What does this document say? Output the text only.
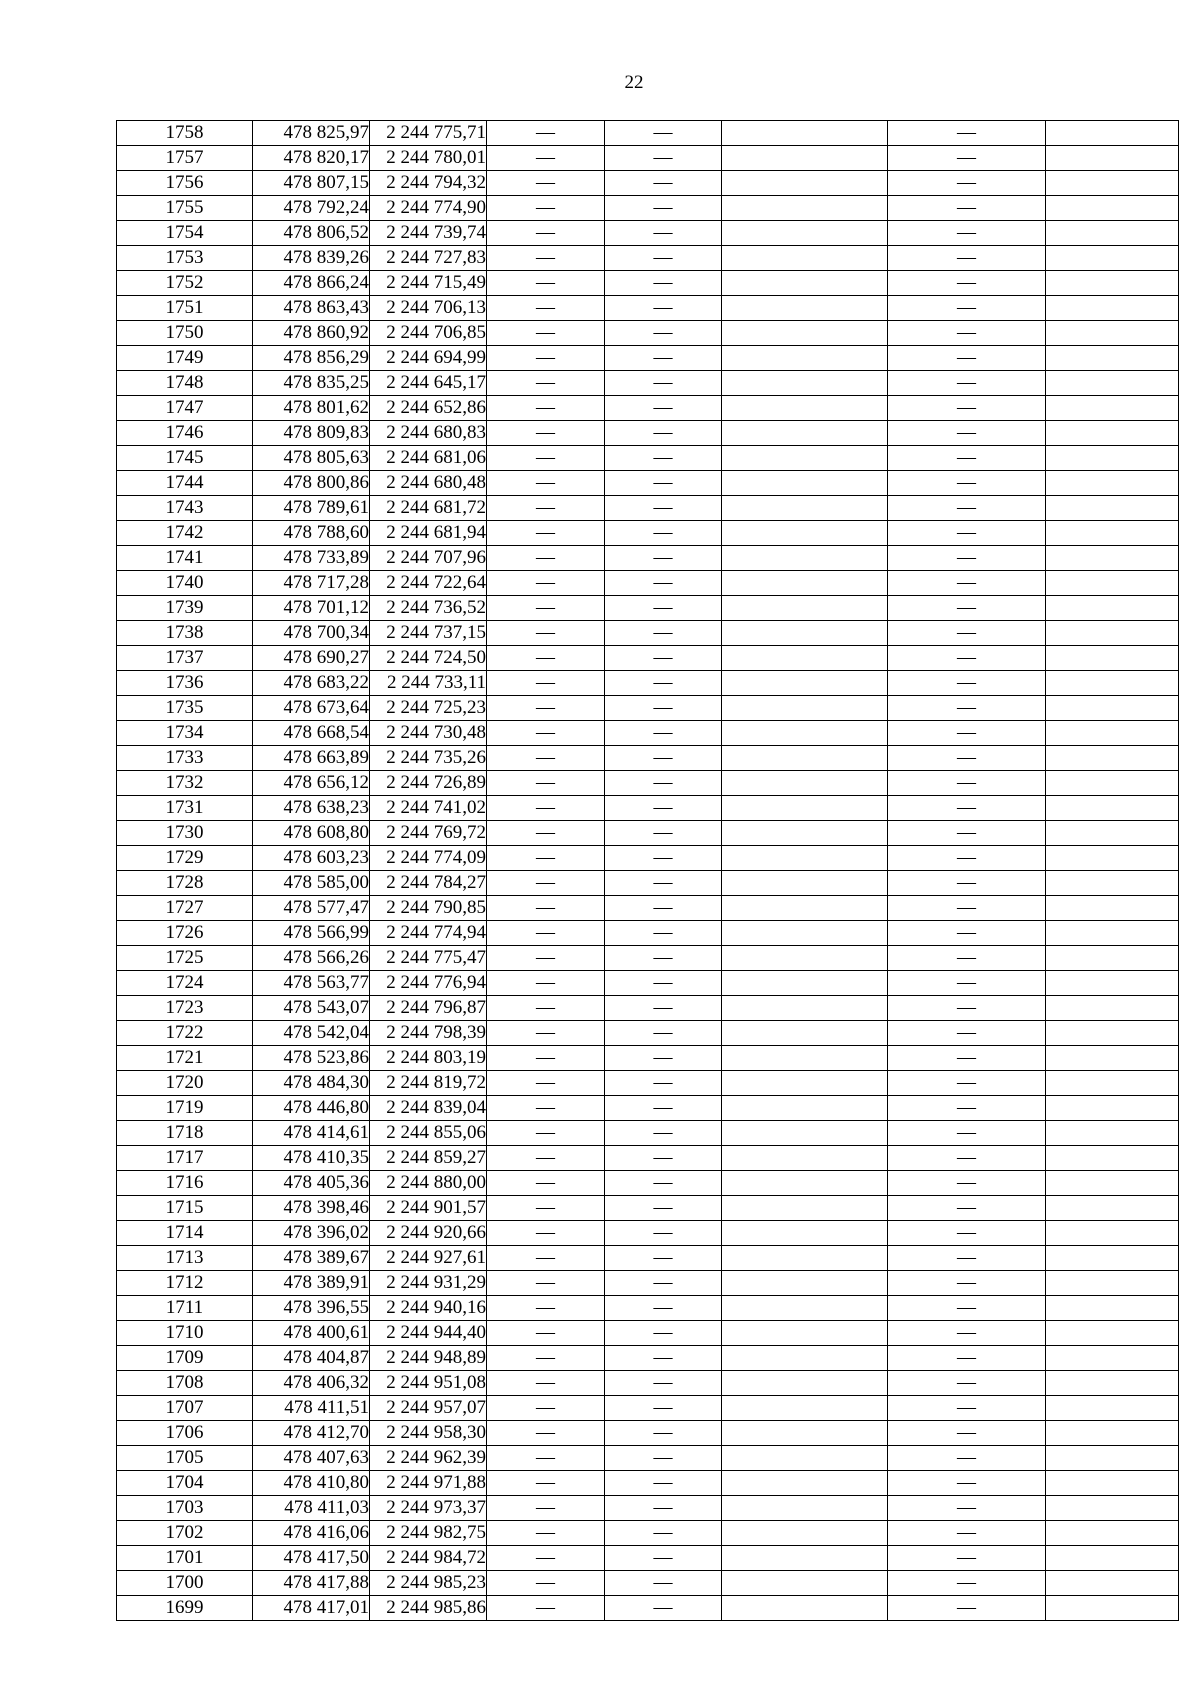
22
1758	478 825,97	2 244 775,71	—	—		—	
1757	478 820,17	2 244 780,01	—	—		—	
1756	478 807,15	2 244 794,32	—	—		—	
1755	478 792,24	2 244 774,90	—	—		—	
1754	478 806,52	2 244 739,74	—	—		—	
1753	478 839,26	2 244 727,83	—	—		—	
1752	478 866,24	2 244 715,49	—	—		—	
1751	478 863,43	2 244 706,13	—	—		—	
1750	478 860,92	2 244 706,85	—	—		—	
1749	478 856,29	2 244 694,99	—	—		—	
1748	478 835,25	2 244 645,17	—	—		—	
1747	478 801,62	2 244 652,86	—	—		—	
1746	478 809,83	2 244 680,83	—	—		—	
1745	478 805,63	2 244 681,06	—	—		—	
1744	478 800,86	2 244 680,48	—	—		—	
1743	478 789,61	2 244 681,72	—	—		—	
1742	478 788,60	2 244 681,94	—	—		—	
1741	478 733,89	2 244 707,96	—	—		—	
1740	478 717,28	2 244 722,64	—	—		—	
1739	478 701,12	2 244 736,52	—	—		—	
1738	478 700,34	2 244 737,15	—	—		—	
1737	478 690,27	2 244 724,50	—	—		—	
1736	478 683,22	2 244 733,11	—	—		—	
1735	478 673,64	2 244 725,23	—	—		—	
1734	478 668,54	2 244 730,48	—	—		—	
1733	478 663,89	2 244 735,26	—	—		—	
1732	478 656,12	2 244 726,89	—	—		—	
1731	478 638,23	2 244 741,02	—	—		—	
1730	478 608,80	2 244 769,72	—	—		—	
1729	478 603,23	2 244 774,09	—	—		—	
1728	478 585,00	2 244 784,27	—	—		—	
1727	478 577,47	2 244 790,85	—	—		—	
1726	478 566,99	2 244 774,94	—	—		—	
1725	478 566,26	2 244 775,47	—	—		—	
1724	478 563,77	2 244 776,94	—	—		—	
1723	478 543,07	2 244 796,87	—	—		—	
1722	478 542,04	2 244 798,39	—	—		—	
1721	478 523,86	2 244 803,19	—	—		—	
1720	478 484,30	2 244 819,72	—	—		—	
1719	478 446,80	2 244 839,04	—	—		—	
1718	478 414,61	2 244 855,06	—	—		—	
1717	478 410,35	2 244 859,27	—	—		—	
1716	478 405,36	2 244 880,00	—	—		—	
1715	478 398,46	2 244 901,57	—	—		—	
1714	478 396,02	2 244 920,66	—	—		—	
1713	478 389,67	2 244 927,61	—	—		—	
1712	478 389,91	2 244 931,29	—	—		—	
1711	478 396,55	2 244 940,16	—	—		—	
1710	478 400,61	2 244 944,40	—	—		—	
1709	478 404,87	2 244 948,89	—	—		—	
1708	478 406,32	2 244 951,08	—	—		—	
1707	478 411,51	2 244 957,07	—	—		—	
1706	478 412,70	2 244 958,30	—	—		—	
1705	478 407,63	2 244 962,39	—	—		—	
1704	478 410,80	2 244 971,88	—	—		—	
1703	478 411,03	2 244 973,37	—	—		—	
1702	478 416,06	2 244 982,75	—	—		—	
1701	478 417,50	2 244 984,72	—	—		—	
1700	478 417,88	2 244 985,23	—	—		—	
1699	478 417,01	2 244 985,86	—	—		—	
